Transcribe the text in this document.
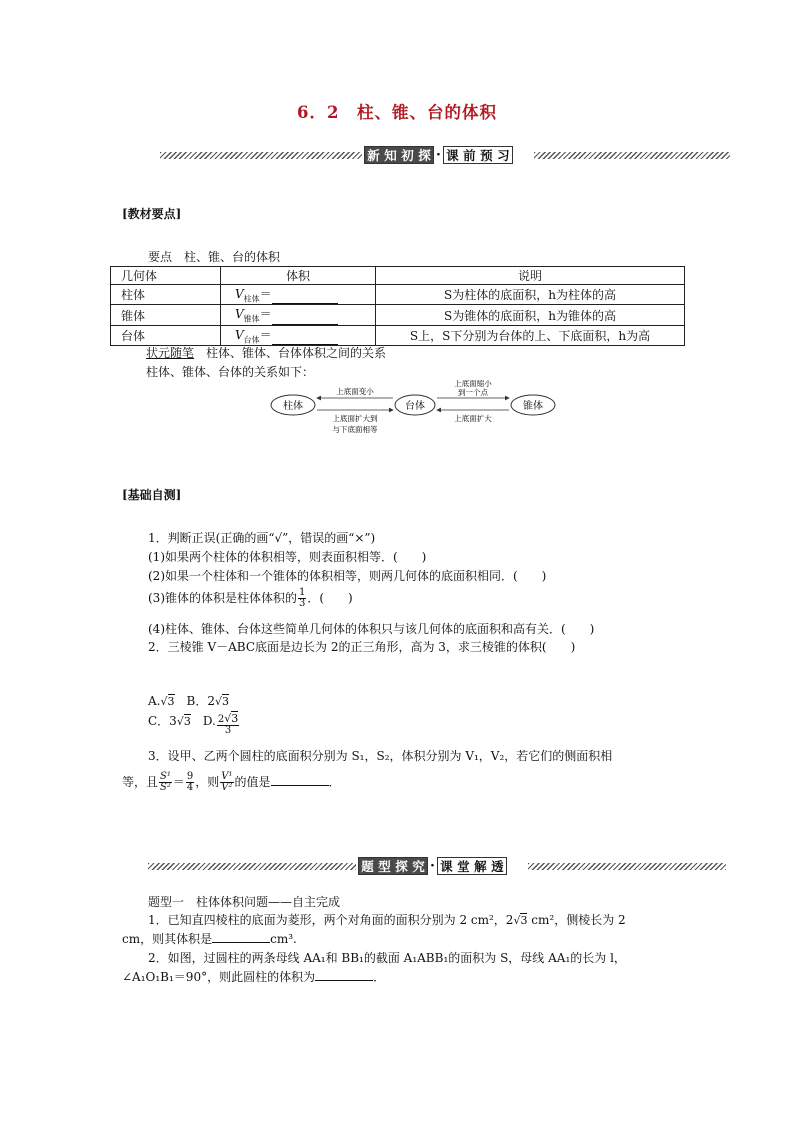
6．2　柱、锥、台的体积
新 知 初 探 · 课 前 预 习
[教材要点]
要点　柱、锥、台的体积
几何体	体积	说明
柱体	$V_{柱体}=$	S为柱体的底面积，h为柱体的高
锥体	$V_{锥体}=$	S为锥体的底面积，h为锥体的高
台体	$V_{台体}=$	S上，S下分别为台体的上、下底面积，h为高
状元随笔  柱体、锥体、台体体积之间的关系
柱体、锥体、台体的关系如下：
柱体	台体	锥体
上底面变小
上底面扩大到
与下底面相等
上底面缩小
到一个点
上底面扩大
[基础自测]
1．判断正误(正确的画“√”，错误的画“×”)
(1)如果两个柱体的体积相等，则表面积相等．(　　)
(2)如果一个柱体和一个锥体的体积相等，则两几何体的底面积相同．(　　)
(3)锥体的体积是柱体体积的 $\frac{1}{3}$ ．(　　)
(4)柱体、锥体、台体这些简单几何体的体积只与该几何体的底面积和高有关．(　　)
2．三棱锥 V－ABC底面是边长为 2的正三角形，高为 3，求三棱锥的体积(　　)
A.√3  B．2√3
C．3√3  D. $\frac{2√3}{3}$
3．设甲、乙两个圆柱的底面积分别为 S₁，S₂，体积分别为 V₁，V₂，若它们的侧面积相
等，且 $\frac{\text{S¹}}{\text{S²}} = \frac{9}{4}$ ，则 $\frac{\text{V¹}}{\text{V²}}$ 的值是	．
题 型 探 究 · 课 堂 解 透
题型一　柱体体积问题——自主完成
1．已知直四棱柱的底面为菱形，两个对角面的面积分别为 2 cm²，2√3 cm²，侧棱长为 2
cm，则其体积是	cm³.
2．如图，过圆柱的两条母线 AA₁和 BB₁的截面 A₁ABB₁的面积为 S，母线 AA₁的长为 l，
∠A₁O₁B₁＝90°，则此圆柱的体积为	．
